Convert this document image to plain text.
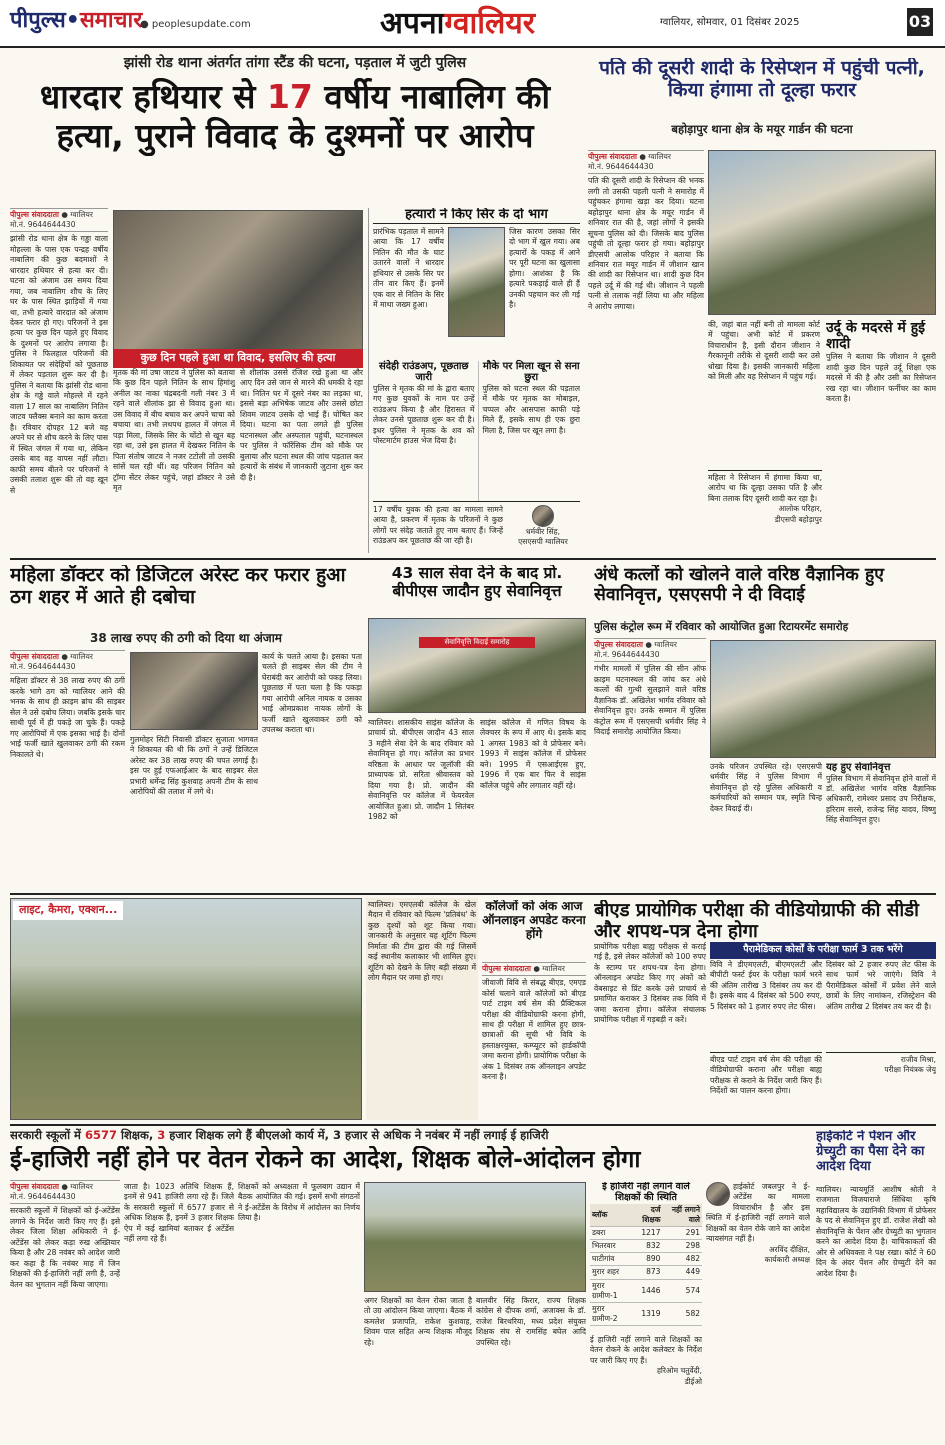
पीपुल्स•समाचार
● peoplesupdate.com	अपनाग्वालियर	ग्वालियर, सोमवार, 01 दिसंबर 2025	03
झांसी रोड थाना अंतर्गत तांगा स्टैंड की घटना, पड़ताल में जुटी पुलिस
धारदार हथियार से 17 वर्षीय नाबालिग की हत्या, पुराने विवाद के दुश्मनों पर आरोप
पीपुल्स संवाददाता ● ग्वालियर
मो.नं. 9644644430
झांसी रोड थाना क्षेत्र के गड्ढा वाला मोहल्ला के पास एक पन्द्रह वर्षीय नाबालिग की कुछ बदमाशों ने धारदार हथियार से हत्या कर दी। घटना को अंजाम उस समय दिया गया, जब नाबालिग शौच के लिए घर के पास स्थित झाड़ियों में गया था, तभी हत्यारे वारदात को अंजाम देकर फरार हो गए। परिजनों ने इस हत्या पर कुछ दिन पहले हुए विवाद के दुश्मनों पर आरोप लगाया है। पुलिस ने फिलहाल परिजनों की शिकायत पर संदेहियों को पूछताछ में लेकर पड़ताल शुरू कर दी है। पुलिस ने बताया कि झांसी रोड थाना क्षेत्र के गड्ढे वाले मोहल्ले में रहने वाला 17 साल का नाबालिग नितिन जाटव फ्लैक्स बनाने का काम करता है। रविवार दोपहर 12 बजे वह अपने घर से शौच करने के लिए पास में स्थित जंगल में गया था, लेकिन उसके बाद वह वापस नहीं लौटा। काफी समय बीतने पर परिजनों ने उसकी तलाश शुरू की तो वह खून से
कुछ दिन पहले हुआ था विवाद, इसलिए की हत्या
मृतक की मां उषा जाटव ने पुलिस को बताया कि कुछ दिन पहले नितिन के साथ हिमांशु अनील का नाका चंद्रबदनी गली नंबर 3 में रहने वाले शीलांक झा से विवाद हुआ था। उस विवाद में बीच बचाव कर अपने चाचा को बचाया था। तभी लथपथ हालत में जंगल में पड़ा मिला, जिसके सिर के चोंटो से खून बह रहा था, उसे इस हालत में देखकर नितिन के पिता संतोष जाटव ने नजर टटोली तो उसकी सांसें चल रही थीं। वह परिजन नितिन को ट्रॉमा सेंटर लेकर पहुंचे, जहां डॉक्टर ने उसे मृत
से शीलांक उससे रंजिश रखे हुआ था और आए दिन उसे जान से मारने की धमकी दे रहा था। नितिन घर में दूसरे नंबर का लड़का था, इससे बड़ा अभिषेक जाटव और उससे छोटा शिवम जाटव उसके दो भाई हैं। घोषित कर दिया। घटना का पता लगते ही पुलिस घटनास्थल और अस्पताल पहुंची, घटनास्थल पर पुलिस ने फॉरेंसिक टीम को मौके पर बुलाया और घटना स्थल की जांच पड़ताल कर हत्यारों के संबंध में जानकारी जुटाना शुरू कर दी है।
हत्यारों ने किए सिर के दो भाग
प्रारंभिक पड़ताल में सामने आया कि 17 वर्षीय नितिन की मौत के घाट उतारने वालों ने धारदार हथियार से उसके सिर पर तीन वार किए हैं। इनमें एक वार से नितिन के सिर में माथा जख्म हुआ।
जिस कारण उसका सिर दो भाग में खुल गया। अब हत्यारों के पकड़ में आने पर पूरी घटना का खुलासा होगा। आशंका है कि हत्यारे पकड़ाई वाले ही हैं उनकी पहचान कर ली गई है।
संदेही राउंडअप, पूछताछ जारी
पुलिस ने मृतक की मां के द्वारा बताए गए कुछ युवकों के नाम पर उन्हें राउंडअप किया है और हिरासत में लेकर उनसे पूछताछ शुरू कर दी है। इधर पुलिस ने मृतक के शव को पोस्टमार्टम हाउस भेज दिया है।
मौके पर मिला खून से सना छुरा
पुलिस को घटना स्थल की पड़ताल में मौके पर मृतक का मोबाइल, चप्पल और आसपास काफी पड़े मिले हैं, इसके साथ ही एक छुरा मिला है, जिस पर खून लगा है।
17 वर्षीय युवक की हत्या का मामला सामने आया है, प्रकरण में मृतक के परिजनों ने कुछ लोगों पर संदेह जताते हुए नाम बताए हैं। जिन्हें राउंडअप कर पूछताछ की जा रही है।
धर्मवीर सिंह,
एसएसपी ग्वालियर
पति की दूसरी शादी के रिसेप्शन में पहुंची पत्नी, किया हंगामा तो दूल्हा फरार
बहोड़ापुर थाना क्षेत्र के मयूर गार्डन की घटना
पीपुल्स संवाददाता ● ग्वालियर
मो.नं. 9644644430
पति की दूसरी शादी के रिसेप्शन की भनक लगी तो उसकी पहली पत्नी ने समारोह में पहुंचकर हंगामा खड़ा कर दिया। घटना बहोड़ापुर थाना क्षेत्र के मयूर गार्डन में शनिवार रात की है, जहां लोगों ने इसकी सूचना पुलिस को दी। जिसके बाद पुलिस पहुंची तो दूल्हा फरार हो गया। बहोड़ापुर डीएसपी आलोक परिहार ने बताया कि शनिवार रात मयूर गार्डन में जीशान खान की शादी का रिसेप्शन था। शादी कुछ दिन पहले उर्दू में की गई थी। जीशान ने पहली पत्नी से तलाक नहीं लिया था और महिला ने आरोप लगाया।
की, जहां बात नहीं बनी तो मामला कोर्ट में पहुंचा। अभी कोर्ट में प्रकरण विचाराधीन है, इसी दौरान जीशान ने गैरकानूनी तरीके से दूसरी शादी कर उसे धोखा दिया है। इसकी जानकारी महिला को मिली और वह रिसेप्शन में पहुंच गई।
उर्दू के मदरसे में हुई शादी
पुलिस ने बताया कि जीशान ने दूसरी शादी कुछ दिन पहले उर्दू शिक्षा एक मदरसे में की है और उसी का रिसेप्शन रख रहा था। जीशान फर्नीचर का काम करता है।
महिला ने रिसेप्शन में हंगामा किया था, आरोप था कि दूल्हा उसका पति है और बिना तलाक दिए दूसरी शादी कर रहा है।
आलोक परिहार,
डीएसपी बहोड़ापुर
महिला डॉक्टर को डिजिटल अरेस्ट कर फरार हुआ ठग शहर में आते ही दबोचा
38 लाख रुपए की ठगी को दिया था अंजाम
पीपुल्स संवाददाता ● ग्वालियर
मो.नं. 9644644430
महिला डॉक्टर से 38 लाख रुपए की ठगी करके भागे ठग को ग्वालियर आने की भनक के साथ ही क्राइम ब्रांच की साइबर सेल ने उसे दबोच लिया। जबकि इसके चार साथी पूर्व में ही पकड़े जा चुके हैं। पकड़े गए आरोपियों में एक इसका भाई है। दोनों भाई फर्जी खाते खुलवाकर ठगी की रकम निकालते थे।
गुलमोहर सिटी निवासी डॉक्टर सुजाता भागवत ने शिकायत की थी कि ठगों ने उन्हें डिजिटल अरेस्ट कर 38 लाख रुपए की चपत लगाई है। इस पर हुई एफआईआर के बाद साइबर सेल प्रभारी धर्मेन्द्र सिंह कुशवाह अपनी टीम के साथ आरोपियों की तलाश में लगे थे।
कार्य के चलते आया है। इसका पता चलते ही साइबर सेल की टीम ने घेराबंदी कर आरोपी को पकड़ लिया। पूछताछ में पता चला है कि पकड़ा गया आरोपी अनिल नायक व उसका भाई ओमप्रकाश नायक लोगों के फर्जी खाते खुलवाकर ठगी को उपलब्ध कराता था।
43 साल सेवा देने के बाद प्रो. बीपीएस जादौन हुए सेवानिवृत्त
सेवानिवृत्ति विदाई समारोह
ग्वालियर। शासकीय साइंस कॉलेज के प्राचार्य प्रो. बीपीएस जादौन 43 साल 3 महीने सेवा देने के बाद रविवार को सेवानिवृत्त हो गए। कॉलेज का प्रभार वरिष्ठता के आधार पर जूलॉजी की प्राध्यापक प्रो. सरिता श्रीवास्तव को दिया गया है। प्रो. जादौन की सेवानिवृत्ति पर कॉलेज में फेयरवेल आयोजित हुआ। प्रो. जादौन 1 सितंबर 1982 को
साइंस कॉलेज में गणित विषय के लेक्चरर के रूप में आए थे। इसके बाद 1 अगस्त 1983 को वे प्रोफेसर बने। 1993 में साइंस कॉलेज में प्रोफेसर बने। 1995 में एसआईएस हुए, 1996 में एक बार फिर वे साइंस कॉलेज पहुंचे और लगातार वहीं रहे।
अंधे कत्लों को खोलने वाले वरिष्ठ वैज्ञानिक हुए सेवानिवृत्त, एसएसपी ने दी विदाई
पुलिस कंट्रोल रूम में रविवार को आयोजित हुआ रिटायरमेंट समारोह
पीपुल्स संवाददाता ● ग्वालियर
मो.नं. 9644644430
गंभीर मामलों में पुलिस की सीन ऑफ क्राइम घटनास्थल की जांच कर अंधे कत्लों की गुत्थी सुलझाने वाले वरिष्ठ वैज्ञानिक डॉ. अखिलेश भार्गव रविवार को सेवानिवृत्त हुए। उनके सम्मान में पुलिस कंट्रोल रूम में एसएसपी धर्मवीर सिंह ने विदाई समारोह आयोजित किया।
उनके परिजन उपस्थित रहे। एसएसपी धर्मवीर सिंह ने पुलिस विभाग में सेवानिवृत्त हो रहे पुलिस अधिकारी व कर्मचारियों को सम्मान पत्र, स्मृति चिन्ह देकर विदाई दी।
यह हुए सेवानिवृत्त
पुलिस विभाग में सेवानिवृत्त होने वालों में डॉ. अखिलेश भार्गव वरिष्ठ वैज्ञानिक अधिकारी, रामेश्वर प्रसाद उप निरीक्षक, हरिराम सरसे, राजेन्द्र सिंह यादव, विष्णु सिंह सेवानिवृत्त हुए।
लाइट, कैमरा, एक्शन...	ग्वालियर। एमएलबी कॉलेज के खेल मैदान में रविवार को फिल्म 'प्रतिबंध' के कुछ दृश्यों को शूट किया गया। जानकारी के अनुसार यह शूटिंग फिल्म निर्माता की टीम द्वारा की गई जिसमें कई स्थानीय कलाकार भी शामिल हुए। शूटिंग को देखने के लिए बड़ी संख्या में लोग मैदान पर जमा हो गए।
कॉलेजों को अंक आज ऑनलाइन अपडेट करना होंगे
पीपुल्स संवाददाता ● ग्वालियर
जीवाजी विवि से संबद्ध बीएड, एमएड कोर्स चलाने वाले कॉलेजों को बीएड पार्ट टाइम वर्ष सेम की प्रैक्टिकल परीक्षा की वीडियोग्राफी करना होगी, साथ ही परीक्षा में शामिल हुए छात्र-छात्राओं की सूची भी विवि के हस्ताक्षरयुक्त, कम्प्यूटर को हार्डकॉपी जमा कराना होगी। प्रायोगिक परीक्षा के अंक 1 दिसंबर तक ऑनलाइन अपडेट करना है।
बीएड प्रायोगिक परीक्षा की वीडियोग्राफी की सीडी और शपथ-पत्र देना होगा
प्रायोगिक परीक्षा बाह्य परीक्षक से कराई गई है, इसे लेकर कॉलेजों को 100 रुपए के स्टाम्प पर शपथ-पत्र देना होगा। ऑनलाइन अपडेट किए गए अंकों को वेबसाइट से प्रिंट करके उसे प्राचार्य से प्रमाणित कराकर 3 दिसंबर तक विवि में जमा कराना होगा। कॉलेज संचालक प्रायोगिक परीक्षा में गड़बड़ी न करें।
पैरामेडिकल कोर्सों के परीक्षा फार्म 3 तक भरेंगे
विवि ने डीएमएलटी, बीएमएलटी और बीपीटी फर्स्ट ईयर के परीक्षा फार्म भरने की अंतिम तारीख 3 दिसंबर तय कर दी है। इसके बाद 4 दिसंबर को 500 रुपए, 5 दिसंबर को 1 हजार रुपए लेट फीस।
दिसंबर को 2 हजार रुपए लेट फीस के साथ फार्म भरे जाएंगे। विवि ने पैरामेडिकल कोर्सों में प्रवेश लेने वाले छात्रों के लिए नामांकन, रजिस्ट्रेशन की अंतिम तारीख 2 दिसंबर तय कर दी है।
बीएड पार्ट टाइम वर्ष सेम की परीक्षा की वीडियोग्राफी कराना और परीक्षा बाह्य परीक्षक से कराने के निर्देश जारी किए हैं। निर्देशों का पालन करना होगा।
राजीव मिश्रा,
परीक्षा नियंत्रक जेयू
सरकारी स्कूलों में 6577 शिक्षक, 3 हजार शिक्षक लगे हैं बीएलओ कार्य में, 3 हजार से अधिक ने नवंबर में नहीं लगाई ई हाजिरी
ई-हाजिरी नहीं होने पर वेतन रोकने का आदेश, शिक्षक बोले-आंदोलन होगा
पीपुल्स संवाददाता ● ग्वालियर
मो.नं. 9644644430
सरकारी स्कूलों में शिक्षकों को ई-अटेंडेंस लगाने के निर्देश जारी किए गए हैं। इसे लेकर जिला शिक्षा अधिकारी ने ई-अटेंडेंस को लेकर कड़ा रुख अख्तियार किया है और 28 नवंबर को आदेश जारी कर कहा है कि नवंबर माह में जिन शिक्षकों की ई-हाजिरी नहीं लगी है, उन्हें वेतन का भुगतान नहीं किया जाएगा।
जाता है। 1023 अतिथि शिक्षक हैं, इनमें से 941 हाजिरी लगा रहे हैं। जिले के सरकारी स्कूलों में 6577 हजार से अधिक शिक्षक हैं, इनमें 3 हजार शिक्षक ऐप में कई खामियां बताकर ई अटेंडेंस नहीं लगा रहे हैं।
शिक्षकों को अध्यक्षता में फूलबाग उद्यान में बैठक आयोजित की गई। इसमें सभी संगठनों ने ई-अटेंडेंस के विरोध में आंदोलन का निर्णय लिया है।
अगर शिक्षकों का वेतन रोका जाता है तो उग्र आंदोलन किया जाएगा। बैठक में कमलेश प्रजापति, राकेश कुशवाह, शिवम पाल सहित अन्य शिक्षक मौजूद रहे।
बालवीर सिंह किरार, राज्य शिक्षक कांग्रेस से दीपक शर्मा, अजाक्स के डॉ. राजेश बिरथरिया, मध्य प्रदेश संयुक्त शिक्षक संघ से रामसिंह बघेल आदि उपस्थित रहे।
ई हाजिरी नहीं लगाने वाले शिक्षकों की स्थिति
ब्लॉक	दर्ज शिक्षक	नहीं लगाने वाले
डबरा	1217	291
भितरवार	832	298
घाटीगांव	890	482
मुरार शहर	873	449
मुरार ग्रामीण-1	1446	574
मुरार ग्रामीण-2	1319	582
ई हाजिरी नहीं लगाने वाले शिक्षकों का वेतन रोकने के आदेश कलेक्टर के निर्देश पर जारी किए गए हैं।
हरिओम चतुर्वेदी,
डीईओ
हाईकोर्ट जबलपुर ने ई-अटेंडेंस का मामला विचाराधीन है और इस स्थिति में ई-हाजिरी नहीं लगाने वाले शिक्षकों का वेतन रोके जाने का आदेश न्यायसंगत नहीं है।
अरविंद दीक्षित,
कार्यकारी अध्यक्ष
हाईकोर्ट ने पेंशन और ग्रेच्युटी का पैसा देने का आदेश दिया
ग्वालियर। न्यायमूर्ति आशीष श्रोती ने राजमाता विजयाराजे सिंधिया कृषि महाविद्यालय के उद्यानिकी विभाग में प्रोफेसर के पद से सेवानिवृत्त हुए डॉ. राजेश लेखी को सेवानिवृत्ति के पेंशन और ग्रेच्युटी का भुगतान करने का आदेश दिया है। याचिकाकर्ता की ओर से अधिवक्ता ने पक्ष रखा। कोर्ट ने 60 दिन के अंदर पेंशन और ग्रेच्युटी देने का आदेश दिया है।
